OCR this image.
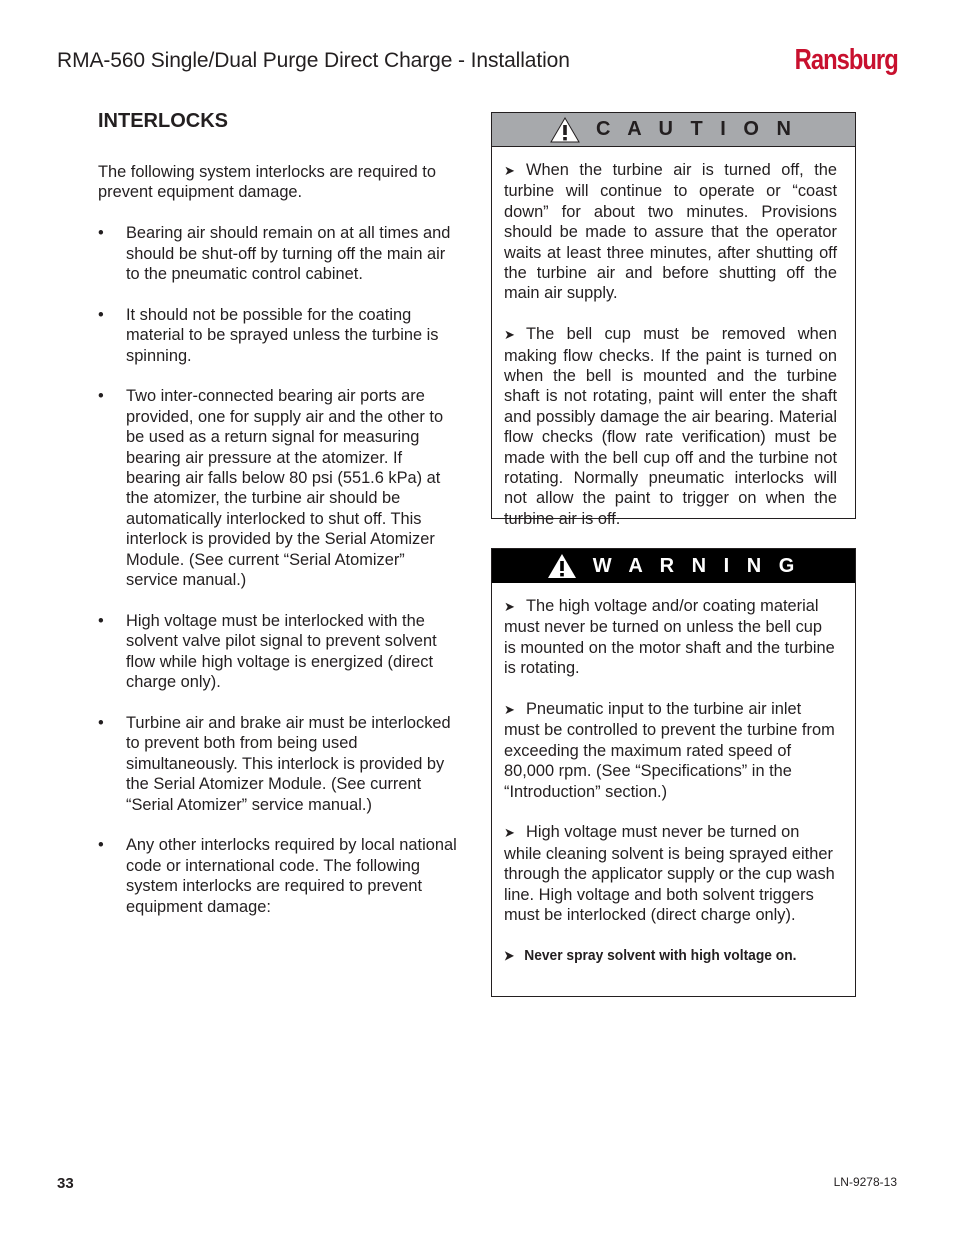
RMA-560 Single/Dual Purge Direct Charge - Installation	Ransburg
INTERLOCKS

The following system interlocks are required to prevent equipment damage.

• Bearing air should remain on at all times and should be shut-off by turning off the main air to the pneumatic control cabinet.
• It should not be possible for the coating material to be sprayed unless the turbine is spinning.
• Two inter-connected bearing air ports are provided, one for supply air and the other to be used as a return signal for measuring bearing air pressure at the atomizer. If bearing air falls below 80 psi (551.6 kPa) at the atomizer, the turbine air should be automatically interlocked to shut off. This interlock is provided by the Serial Atomizer Module. (See current “Serial Atomizer” service manual.)
• High voltage must be interlocked with the solvent valve pilot signal to prevent solvent flow while high voltage is energized (direct charge only).
• Turbine air and brake air must be interlocked to prevent both from being used simultaneously. This interlock is provided by the Serial Atomizer Module. (See current “Serial Atomizer” service manual.)
• Any other interlocks required by local national code or international code. The following system interlocks are required to prevent equipment damage:
C A U T I O N

➤ When the turbine air is turned off, the turbine will continue to operate or “coast down” for about two minutes. Provisions should be made to assure that the operator waits at least three minutes, after shutting off the turbine air and before shutting off the main air supply.

➤ The bell cup must be removed when making flow checks. If the paint is turned on when the bell is mounted and the turbine shaft is not rotating, paint will enter the shaft and possibly damage the air bearing. Material flow checks (flow rate verification) must be made with the bell cup off and the turbine not rotating. Normally pneumatic interlocks will not allow the paint to trigger on when the turbine air is off.

W A R N I N G

➤ The high voltage and/or coating material must never be turned on unless the bell cup is mounted on the motor shaft and the turbine is rotating.

➤ Pneumatic input to the turbine air inlet must be controlled to prevent the turbine from exceeding the maximum rated speed of 80,000 rpm. (See “Specifications” in the “Introduction” section.)

➤ High voltage must never be turned on while cleaning solvent is being sprayed either through the applicator supply or the cup wash line. High voltage and both solvent triggers must be interlocked (direct charge only).

➤ Never spray solvent with high voltage on.

33	LN-9278-13
